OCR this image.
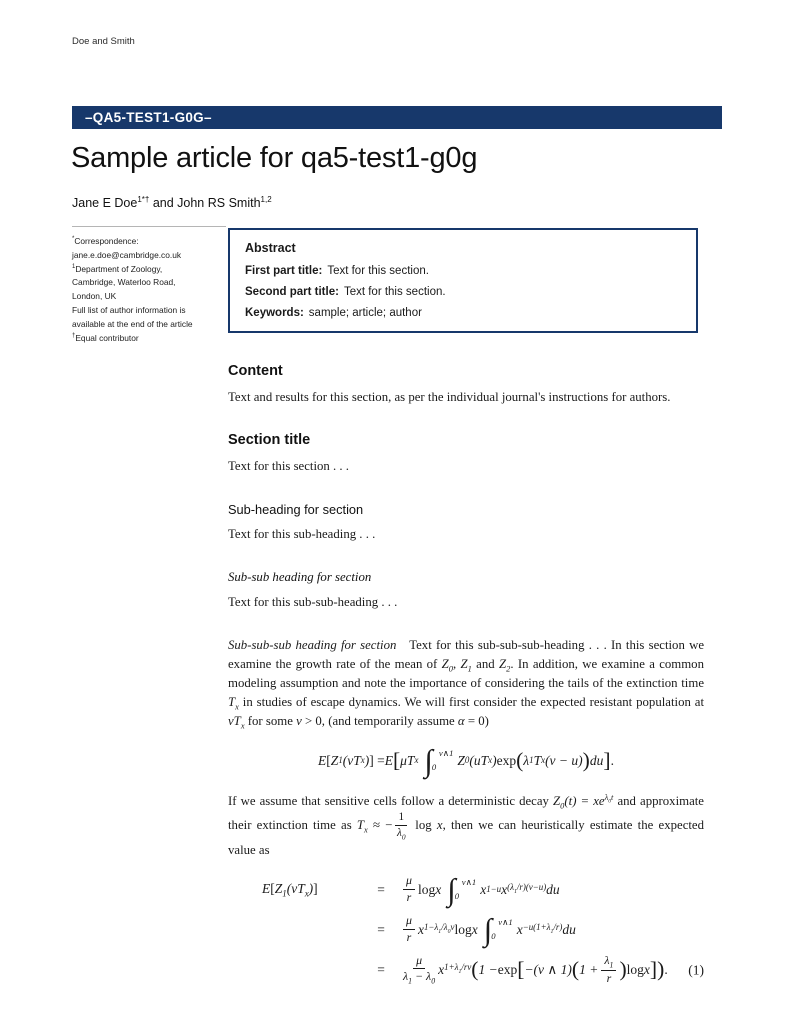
Doe and Smith
–QA5-TEST1-G0G–
Sample article for qa5-test1-g0g
Jane E Doe$^{1*\dagger}$ and John RS Smith$^{1,2}$
*Correspondence:
jane.e.doe@cambridge.co.uk
$^1$Department of Zoology,
Cambridge, Waterloo Road,
London, UK
Full list of author information is
available at the end of the article
†Equal contributor
Abstract
First part title: Text for this section.
Second part title: Text for this section.
Keywords: sample; article; author
Content

Text and results for this section, as per the individual journal's instructions for authors.

Section title

Text for this section . . .

Sub-heading for section

Text for this sub-heading . . .

Sub-sub heading for section

Text for this sub-sub-heading . . .

Sub-sub-sub heading for section Text for this sub-sub-sub-heading . . . In this section we examine the growth rate of the mean of $Z_0$, $Z_1$ and $Z_2$. In addition, we examine a common modeling assumption and note the importance of considering the tails of the extinction time $T_x$ in studies of escape dynamics. We will first consider the expected resistant population at $vT_x$ for some v > 0, (and temporarily assume α = 0)

E [ Z 1 (vT x ) ] = E [ μT x ∫ v∧1
0	Z 0 (uT x ) exp ( λ 1 T x (v − u) ) du ] .

If we assume that sensitive cells follow a deterministic decay $Z_0(t) = xe^{\lambda_0t}$ and approximate their extinction time as $T_x$ ≈ − $\frac{1}{\lambda_0}$ log x, then we can heuristically estimate the expected value as

$E[Z_1(vT_x)]$	=
μ
r log x ∫ v∧1
0	x 1−u x $(\lambda_1/r)(v-u)$ du
=
μ
r x $1-\lambda_1/\lambda_0v$ log x ∫ v∧1
0	$x -u(1+\lambda_1/r)$ du
=
μ
$\lambda_1 - \lambda_0$
x $1+\lambda_1/rv$ ( 1 − exp [ −(v ∧ 1) ( $1 + \frac{\lambda_1}{r}$ ) log x ] ) . (1)
